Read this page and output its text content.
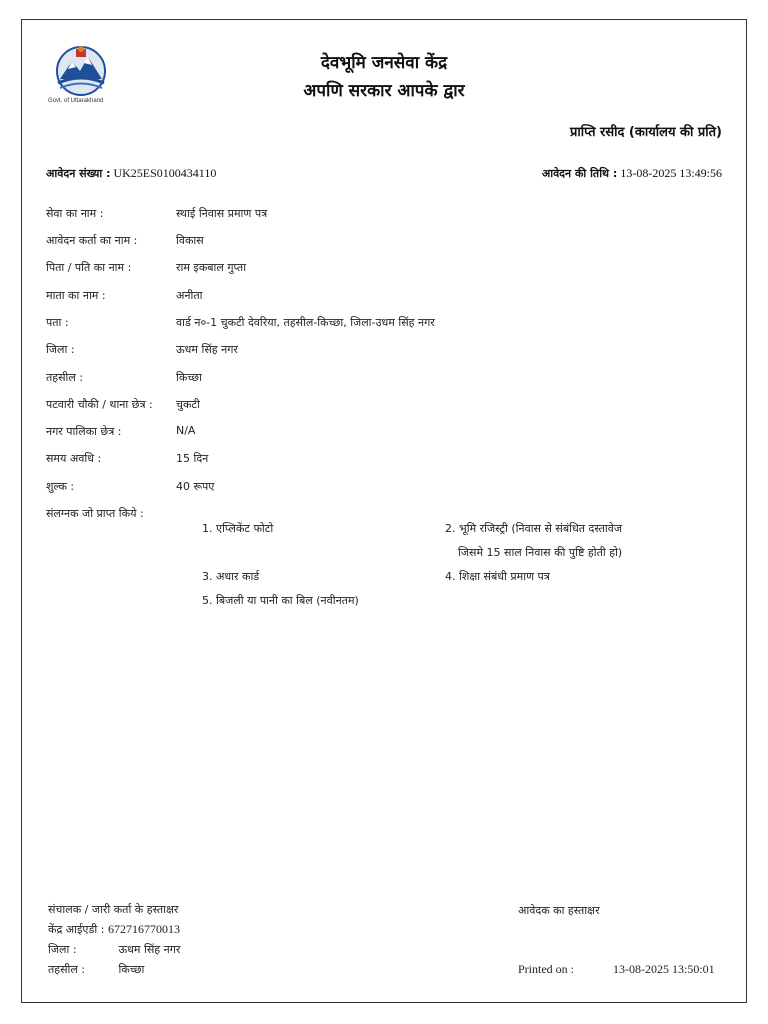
Govt. of Uttarakhand
देवभूमि जनसेवा केंद्र
अपणि सरकार आपके द्वार
प्राप्ति रसीद (कार्यालय की प्रति)
आवेदन संख्या : UK25ES0100434110	आवेदन की तिथि : 13-08-2025 13:49:56
सेवा का नाम :	स्थाई निवास प्रमाण पत्र
आवेदन कर्ता का नाम :	विकास
पिता / पति का नाम :	राम इकबाल गुप्ता
माता का नाम :	अनीता
पता :	वार्ड न०-1 चुकटी देवरिया, तहसील-किच्छा, जिला-उधम सिंह नगर
जिला :	ऊधम सिंह नगर
तहसील :	किच्छा
पटवारी चौकी / थाना छेत्र : चुकटी
नगर पालिका छेत्र :	N/A
समय अवधि :	15 दिन
शुल्क :	40 रूपए
संलग्नक जो प्राप्त किये :
1. एप्लिकेंट फोटो	2. भूमि रजिस्ट्री (निवास से संबंधित दस्तावेज
जिसमे 15 साल निवास की पुष्टि होती हो)
3. अधार कार्ड	4. शिक्षा संबंधी प्रमाण पत्र
5. बिजली या पानी का बिल (नवीनतम)
संचालक / जारी कर्ता के हस्ताक्षर
केंद्र आईएडी : 672716770013
जिला :	ऊधम सिंह नगर
तहसील :	किच्छा
आवेदक का हस्ताक्षर
Printed on :	13-08-2025 13:50:01
